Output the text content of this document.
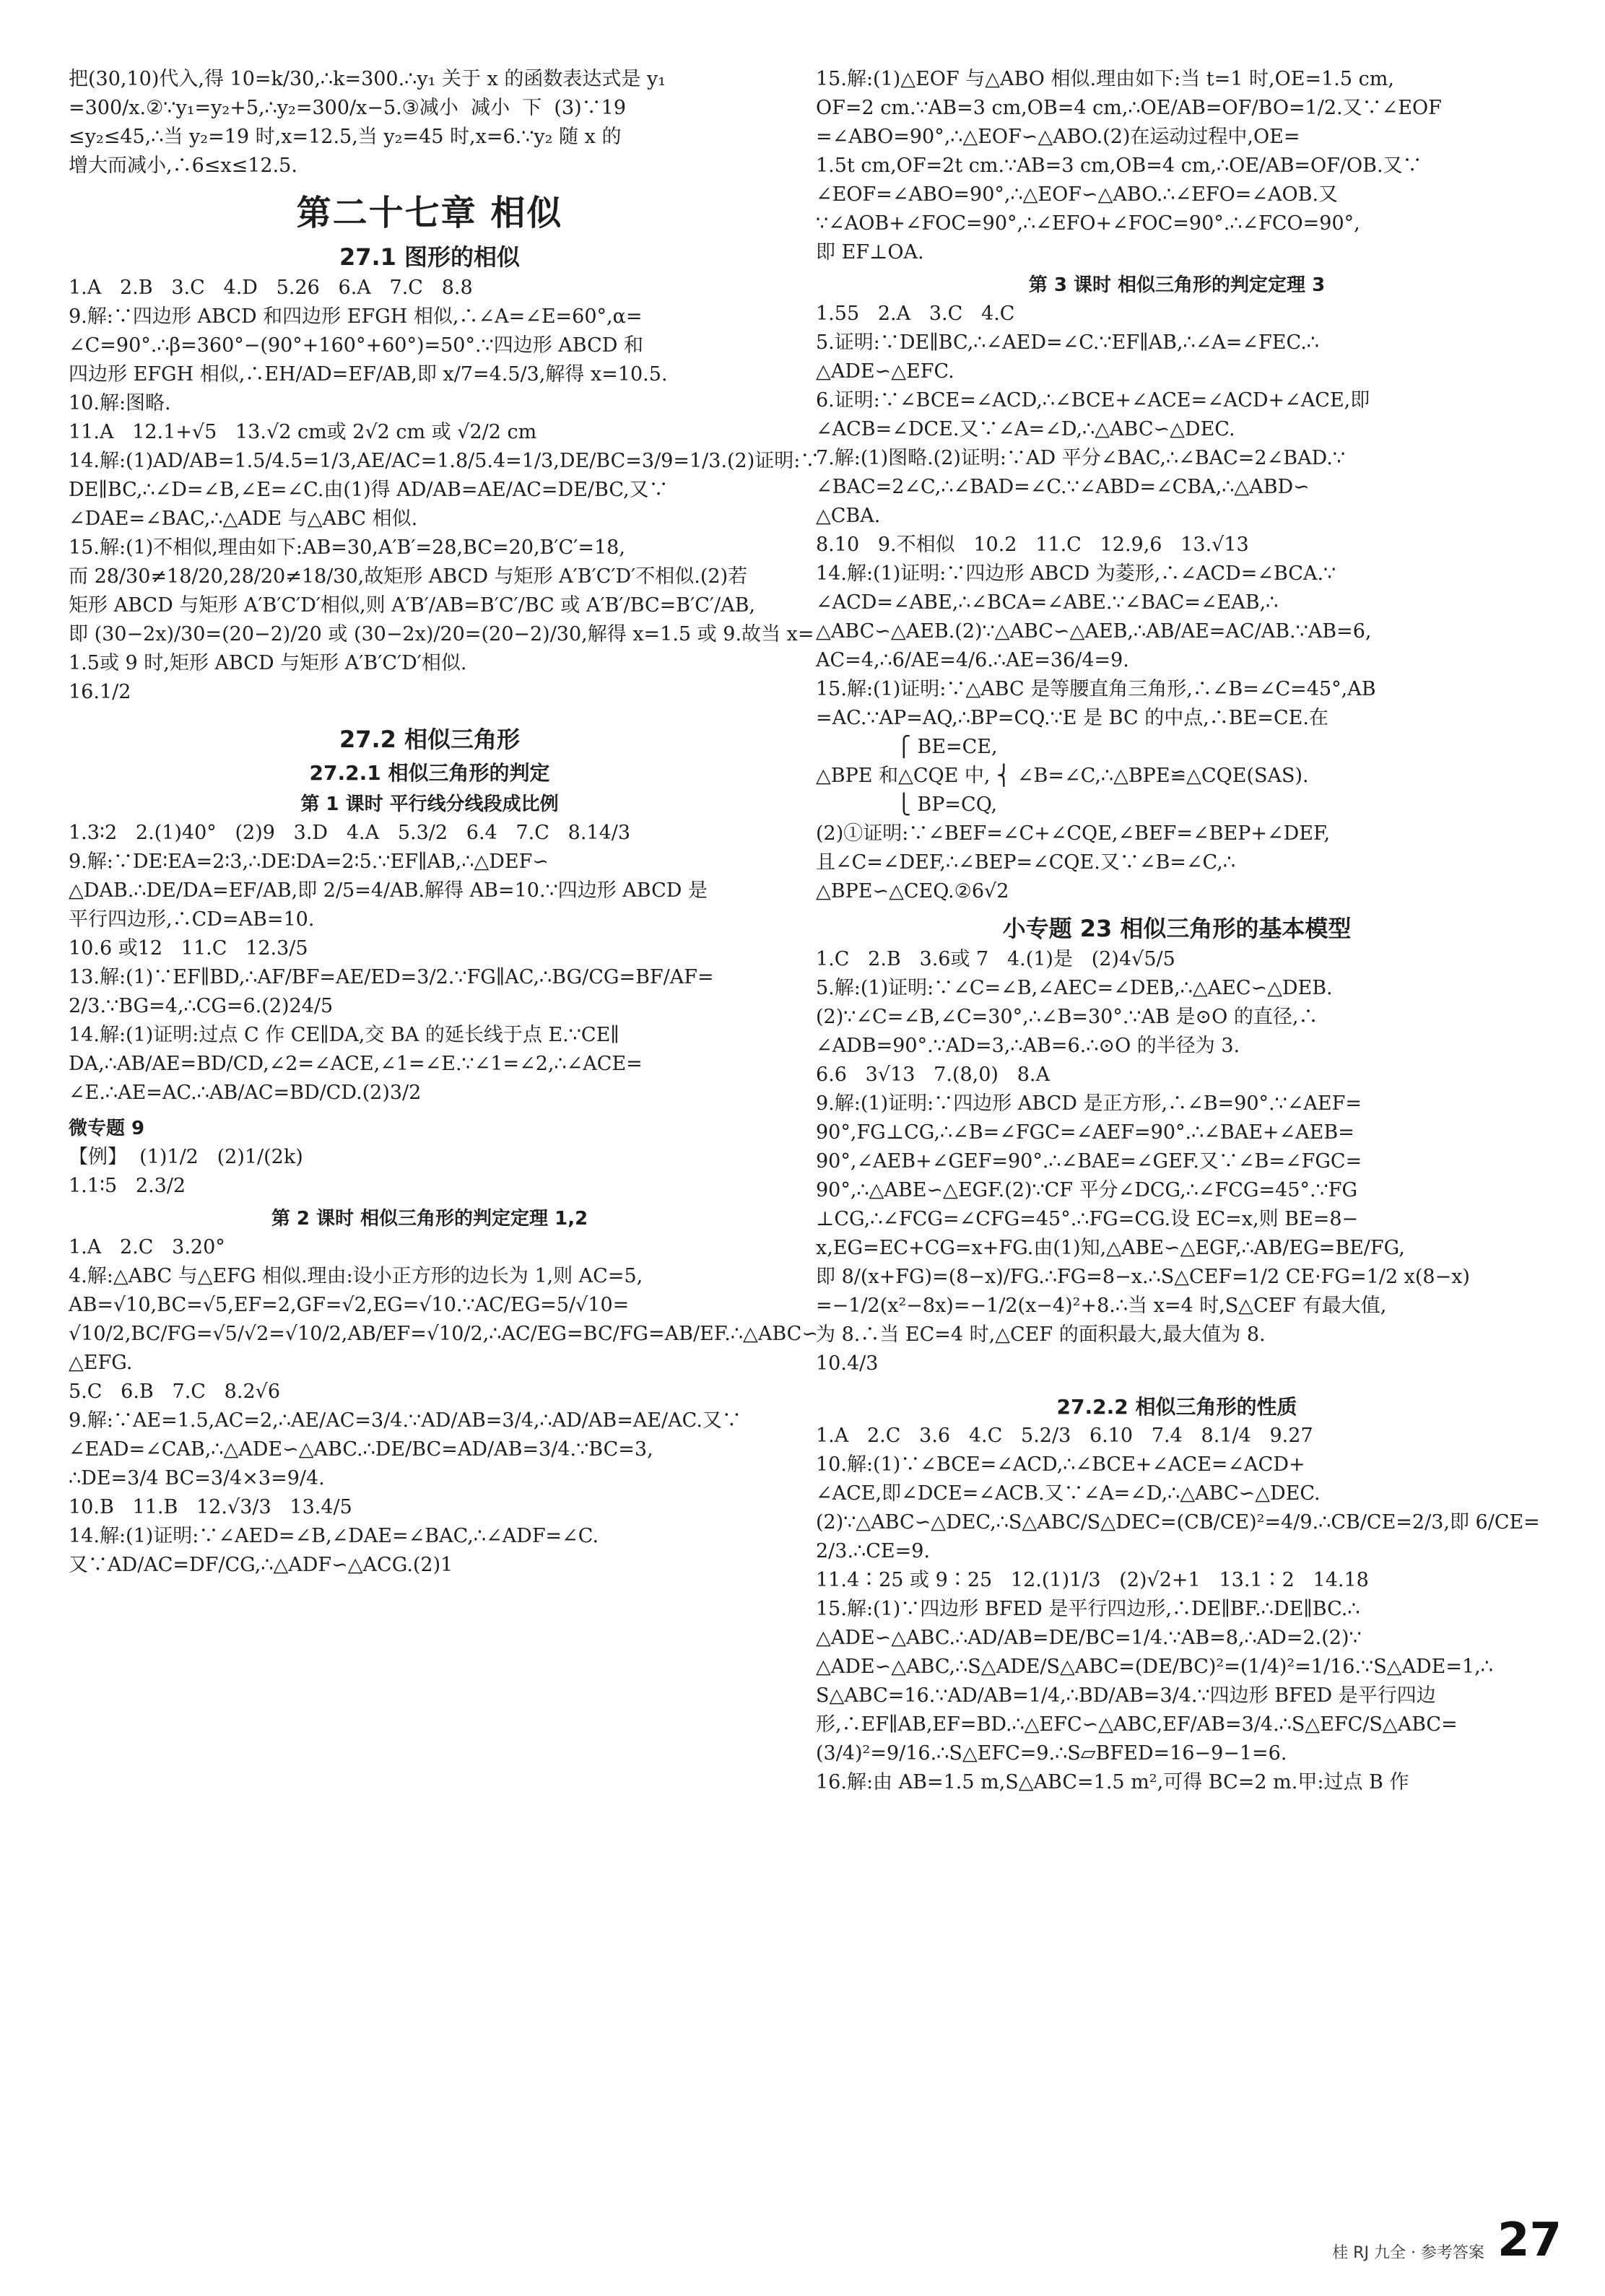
把(30,10)代入,得 10=k/30,∴k=300.∴y₁ 关于 x 的函数表达式是 y₁

=300/x.②∵y₁=y₂+5,∴y₂=300/x−5.③减小  减小  下  (3)∵19

≤y₂≤45,∴当 y₂=19 时,x=12.5,当 y₂=45 时,x=6.∵y₂ 随 x 的

增大而减小,∴6≤x≤12.5.

第二十七章 相似
27.1 图形的相似

1.A   2.B   3.C   4.D   5.26   6.A   7.C   8.8

9.解:∵四边形 ABCD 和四边形 EFGH 相似,∴∠A=∠E=60°,α=

∠C=90°.∴β=360°−(90°+160°+60°)=50°.∵四边形 ABCD 和

四边形 EFGH 相似,∴EH/AD=EF/AB,即 x/7=4.5/3,解得 x=10.5.

10.解:图略.

11.A   12.1+√5   13.√2 cm或 2√2 cm 或 √2/2 cm

14.解:(1)AD/AB=1.5/4.5=1/3,AE/AC=1.8/5.4=1/3,DE/BC=3/9=1/3.(2)证明:∵

DE∥BC,∴∠D=∠B,∠E=∠C.由(1)得 AD/AB=AE/AC=DE/BC,又∵

∠DAE=∠BAC,∴△ADE 与△ABC 相似.

15.解:(1)不相似,理由如下:AB=30,A′B′=28,BC=20,B′C′=18,

而 28/30≠18/20,28/20≠18/30,故矩形 ABCD 与矩形 A′B′C′D′不相似.(2)若

矩形 ABCD 与矩形 A′B′C′D′相似,则 A′B′/AB=B′C′/BC 或 A′B′/BC=B′C′/AB,

即 (30−2x)/30=(20−2)/20 或 (30−2x)/20=(20−2)/30,解得 x=1.5 或 9.故当 x=

1.5或 9 时,矩形 ABCD 与矩形 A′B′C′D′相似.

16.1/2

27.2 相似三角形
27.2.1 相似三角形的判定
第 1 课时 平行线分线段成比例

1.3∶2   2.(1)40°   (2)9   3.D   4.A   5.3/2   6.4   7.C   8.14/3

9.解:∵DE∶EA=2∶3,∴DE∶DA=2∶5.∵EF∥AB,∴△DEF∽

△DAB.∴DE/DA=EF/AB,即 2/5=4/AB.解得 AB=10.∵四边形 ABCD 是

平行四边形,∴CD=AB=10.

10.6 或12   11.C   12.3/5

13.解:(1)∵EF∥BD,∴AF/BF=AE/ED=3/2.∵FG∥AC,∴BG/CG=BF/AF=

2/3.∵BG=4,∴CG=6.(2)24/5

14.解:(1)证明:过点 C 作 CE∥DA,交 BA 的延长线于点 E.∵CE∥

DA,∴AB/AE=BD/CD,∠2=∠ACE,∠1=∠E.∵∠1=∠2,∴∠ACE=

∠E.∴AE=AC.∴AB/AC=BD/CD.(2)3/2

微专题 9

【例】  (1)1/2   (2)1/(2k)

1.1∶5   2.3/2

第 2 课时 相似三角形的判定定理 1,2

1.A   2.C   3.20°

4.解:△ABC 与△EFG 相似.理由:设小正方形的边长为 1,则 AC=5,

AB=√10,BC=√5,EF=2,GF=√2,EG=√10.∵AC/EG=5/√10=

√10/2,BC/FG=√5/√2=√10/2,AB/EF=√10/2,∴AC/EG=BC/FG=AB/EF.∴△ABC∽

△EFG.

5.C   6.B   7.C   8.2√6

9.解:∵AE=1.5,AC=2,∴AE/AC=3/4.∵AD/AB=3/4,∴AD/AB=AE/AC.又∵

∠EAD=∠CAB,∴△ADE∽△ABC.∴DE/BC=AD/AB=3/4.∵BC=3,

∴DE=3/4 BC=3/4×3=9/4.

10.B   11.B   12.√3/3   13.4/5

14.解:(1)证明:∵∠AED=∠B,∠DAE=∠BAC,∴∠ADF=∠C.

又∵AD/AC=DF/CG,∴△ADF∽△ACG.(2)1

15.解:(1)△EOF 与△ABO 相似.理由如下:当 t=1 时,OE=1.5 cm,

OF=2 cm.∵AB=3 cm,OB=4 cm,∴OE/AB=OF/BO=1/2.又∵∠EOF

=∠ABO=90°,∴△EOF∽△ABO.(2)在运动过程中,OE=

1.5t cm,OF=2t cm.∵AB=3 cm,OB=4 cm,∴OE/AB=OF/OB.又∵

∠EOF=∠ABO=90°,∴△EOF∽△ABO.∴∠EFO=∠AOB.又

∵∠AOB+∠FOC=90°,∴∠EFO+∠FOC=90°.∴∠FCO=90°,

即 EF⊥OA.

第 3 课时 相似三角形的判定定理 3

1.55   2.A   3.C   4.C

5.证明:∵DE∥BC,∴∠AED=∠C.∵EF∥AB,∴∠A=∠FEC.∴

△ADE∽△EFC.

6.证明:∵∠BCE=∠ACD,∴∠BCE+∠ACE=∠ACD+∠ACE,即

∠ACB=∠DCE.又∵∠A=∠D,∴△ABC∽△DEC.

7.解:(1)图略.(2)证明:∵AD 平分∠BAC,∴∠BAC=2∠BAD.∵

∠BAC=2∠C,∴∠BAD=∠C.∵∠ABD=∠CBA,∴△ABD∽

△CBA.

8.10   9.不相似   10.2   11.C   12.9,6   13.√13

14.解:(1)证明:∵四边形 ABCD 为菱形,∴∠ACD=∠BCA.∵

∠ACD=∠ABE,∴∠BCA=∠ABE.∵∠BAC=∠EAB,∴

△ABC∽△AEB.(2)∵△ABC∽△AEB,∴AB/AE=AC/AB.∵AB=6,

AC=4,∴6/AE=4/6.∴AE=36/4=9.

15.解:(1)证明:∵△ABC 是等腰直角三角形,∴∠B=∠C=45°,AB

=AC.∵AP=AQ,∴BP=CQ.∵E 是 BC 的中点,∴BE=CE.在

⎧ BE=CE,

△BPE 和△CQE 中, ⎨ ∠B=∠C,∴△BPE≌△CQE(SAS).

⎩ BP=CQ,

(2)①证明:∵∠BEF=∠C+∠CQE,∠BEF=∠BEP+∠DEF,

且∠C=∠DEF,∴∠BEP=∠CQE.又∵∠B=∠C,∴

△BPE∽△CEQ.②6√2

小专题 23 相似三角形的基本模型

1.C   2.B   3.6或 7   4.(1)是   (2)4√5/5

5.解:(1)证明:∵∠C=∠B,∠AEC=∠DEB,∴△AEC∽△DEB.

(2)∵∠C=∠B,∠C=30°,∴∠B=30°.∵AB 是⊙O 的直径,∴

∠ADB=90°.∵AD=3,∴AB=6.∴⊙O 的半径为 3.

6.6   3√13   7.(8,0)   8.A

9.解:(1)证明:∵四边形 ABCD 是正方形,∴∠B=90°.∵∠AEF=

90°,FG⊥CG,∴∠B=∠FGC=∠AEF=90°.∴∠BAE+∠AEB=

90°,∠AEB+∠GEF=90°.∴∠BAE=∠GEF.又∵∠B=∠FGC=

90°,∴△ABE∽△EGF.(2)∵CF 平分∠DCG,∴∠FCG=45°.∵FG

⊥CG,∴∠FCG=∠CFG=45°.∴FG=CG.设 EC=x,则 BE=8−

x,EG=EC+CG=x+FG.由(1)知,△ABE∽△EGF,∴AB/EG=BE/FG,

即 8/(x+FG)=(8−x)/FG.∴FG=8−x.∴S△CEF=1/2 CE·FG=1/2 x(8−x)

=−1/2(x²−8x)=−1/2(x−4)²+8.∴当 x=4 时,S△CEF 有最大值,

为 8.∴当 EC=4 时,△CEF 的面积最大,最大值为 8.

10.4/3

27.2.2 相似三角形的性质

1.A   2.C   3.6   4.C   5.2/3   6.10   7.4   8.1/4   9.27

10.解:(1)∵∠BCE=∠ACD,∴∠BCE+∠ACE=∠ACD+

∠ACE,即∠DCE=∠ACB.又∵∠A=∠D,∴△ABC∽△DEC.

(2)∵△ABC∽△DEC,∴S△ABC/S△DEC=(CB/CE)²=4/9.∴CB/CE=2/3,即 6/CE=

2/3.∴CE=9.

11.4∶25 或 9∶25   12.(1)1/3   (2)√2+1   13.1∶2   14.18

15.解:(1)∵四边形 BFED 是平行四边形,∴DE∥BF.∴DE∥BC.∴

△ADE∽△ABC.∴AD/AB=DE/BC=1/4.∵AB=8,∴AD=2.(2)∵

△ADE∽△ABC,∴S△ADE/S△ABC=(DE/BC)²=(1/4)²=1/16.∵S△ADE=1,∴

S△ABC=16.∵AD/AB=1/4,∴BD/AB=3/4.∵四边形 BFED 是平行四边

形,∴EF∥AB,EF=BD.∴△EFC∽△ABC,EF/AB=3/4.∴S△EFC/S△ABC=

(3/4)²=9/16.∴S△EFC=9.∴S▱BFED=16−9−1=6.

16.解:由 AB=1.5 m,S△ABC=1.5 m²,可得 BC=2 m.甲:过点 B 作

桂 RJ 九全 · 参考答案 27
